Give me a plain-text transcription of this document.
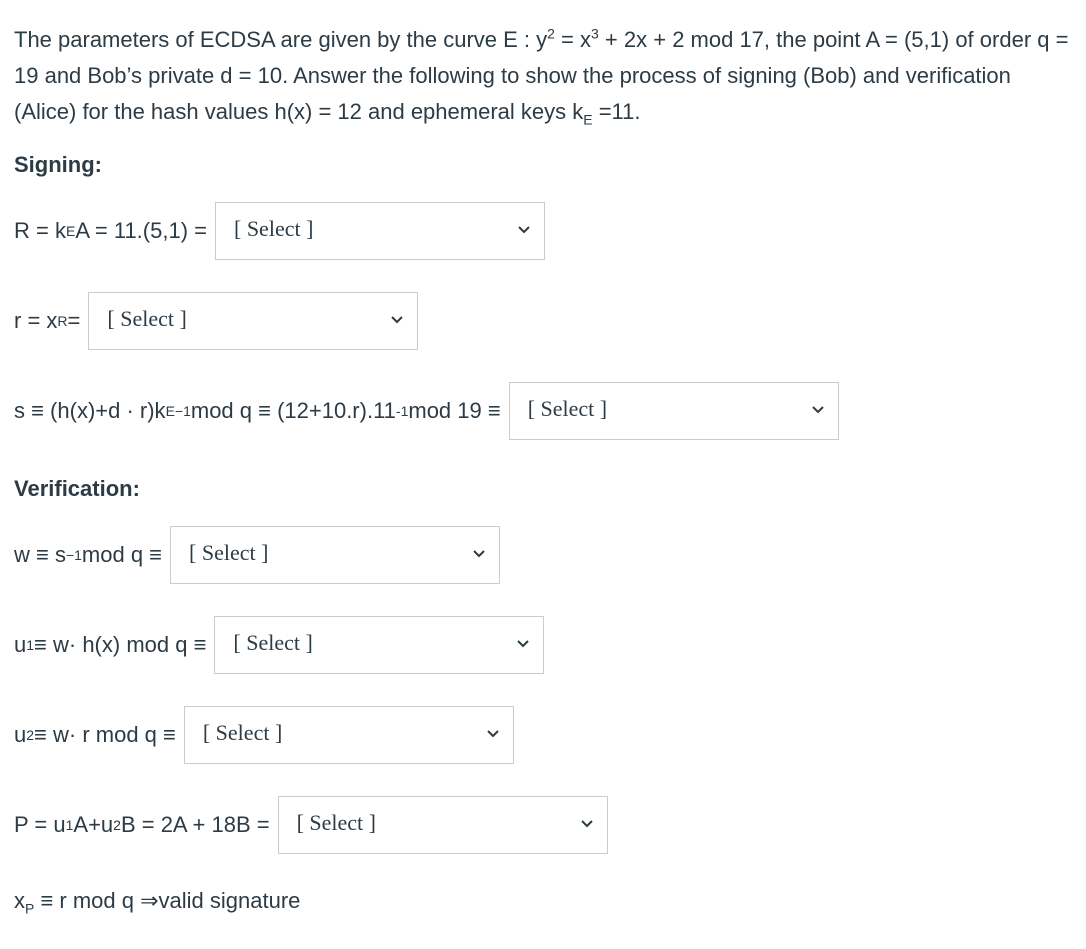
The parameters of ECDSA are given by the curve E : $y^2 = x^3 + 2x + 2$ mod 17, the point A = (5,1) of order q = 19 and Bob’s private d = 10. Answer the following to show the process of signing (Bob) and verification (Alice) for the hash values h(x) = 12 and ephemeral keys $k_E =11$.
Signing:
R = k E A = 11.(5,1) = [ Select ]
r = x R = [ Select ]
s ≡ (h(x)+d · r)k E −1 mod q ≡ (12+10.r).11 -1 mod 19 ≡ [ Select ]
Verification:
w ≡ s −1 mod q ≡ [ Select ]
u 1 ≡ w· h(x) mod q ≡ [ Select ]
u 2 ≡ w· r mod q ≡ [ Select ]
P = u 1 A+u 2 B = 2A + 18B = [ Select ]
$x_P \equiv r$ mod q ⇒valid signature
